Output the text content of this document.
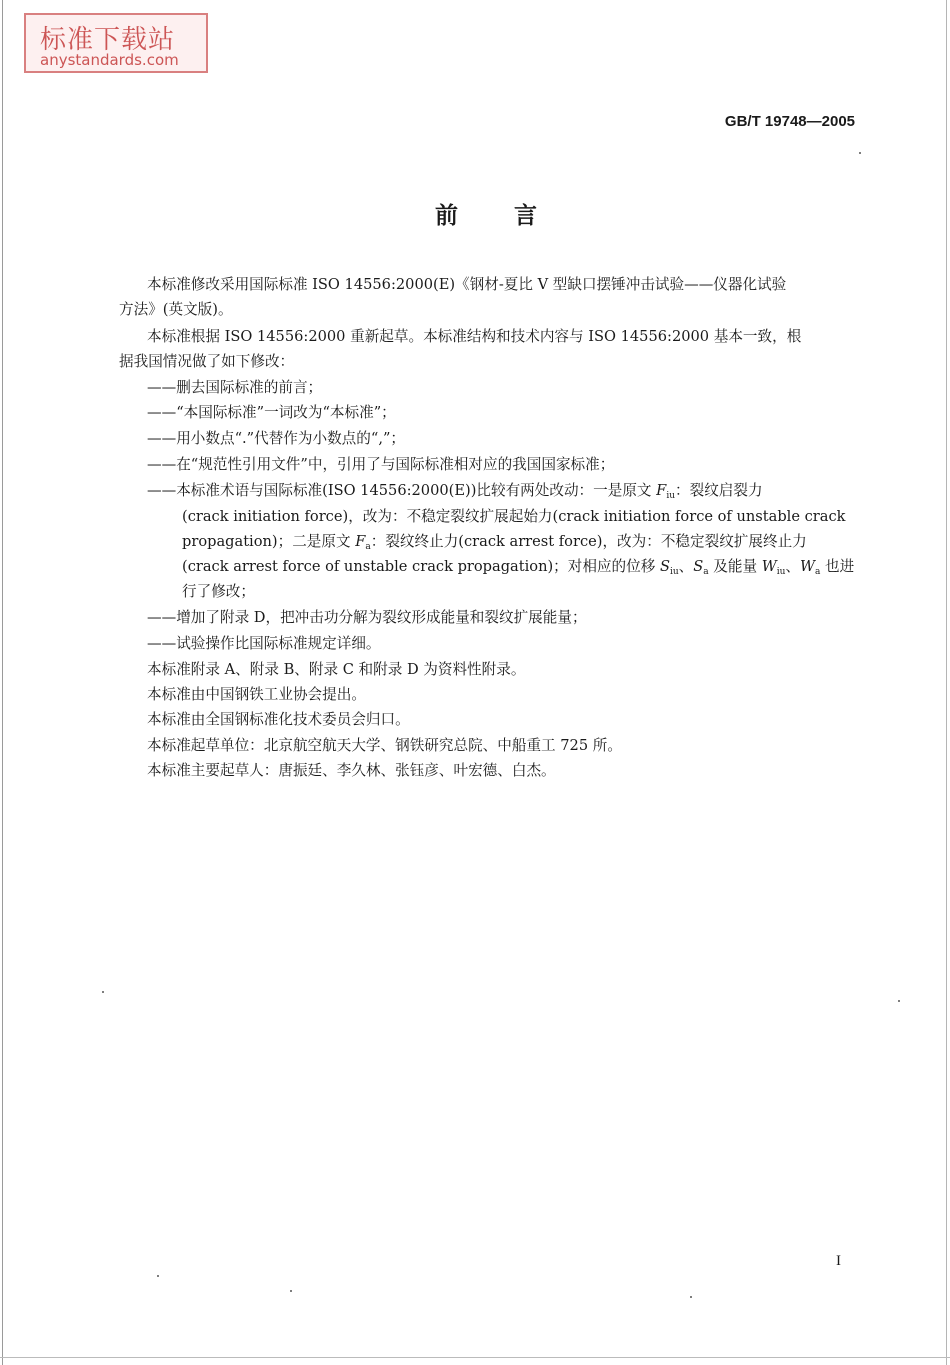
标准下载站
anystandards.com
GB/T 19748—2005
前言
本标准修改采用国际标准 ISO 14556:2000(E)《钢材-夏比 V 型缺口摆锤冲击试验——仪器化试验
方法》(英文版)。
本标准根据 ISO 14556:2000 重新起草。本标准结构和技术内容与 ISO 14556:2000 基本一致，根
据我国情况做了如下修改：
——删去国际标准的前言；
——“本国际标准”一词改为“本标准”；
——用小数点“.”代替作为小数点的“,”；
——在“规范性引用文件”中，引用了与国际标准相对应的我国国家标准；
——本标准术语与国际标准(ISO 14556:2000(E))比较有两处改动：一是原文 $F_{iu}$：裂纹启裂力
(crack initiation force)，改为：不稳定裂纹扩展起始力(crack initiation force of unstable crack
propagation)；二是原文 $F_a$：裂纹终止力(crack arrest force)，改为：不稳定裂纹扩展终止力
(crack arrest force of unstable crack propagation)；对相应的位移 $S_{iu}$、$S_a$ 及能量 $W_{iu}$、$W_a$ 也进
行了修改；
——增加了附录 D，把冲击功分解为裂纹形成能量和裂纹扩展能量；
——试验操作比国际标准规定详细。
本标准附录 A、附录 B、附录 C 和附录 D 为资料性附录。
本标准由中国钢铁工业协会提出。
本标准由全国钢标准化技术委员会归口。
本标准起草单位：北京航空航天大学、钢铁研究总院、中船重工 725 所。
本标准主要起草人：唐振廷、李久林、张钰彦、叶宏德、白杰。
I
